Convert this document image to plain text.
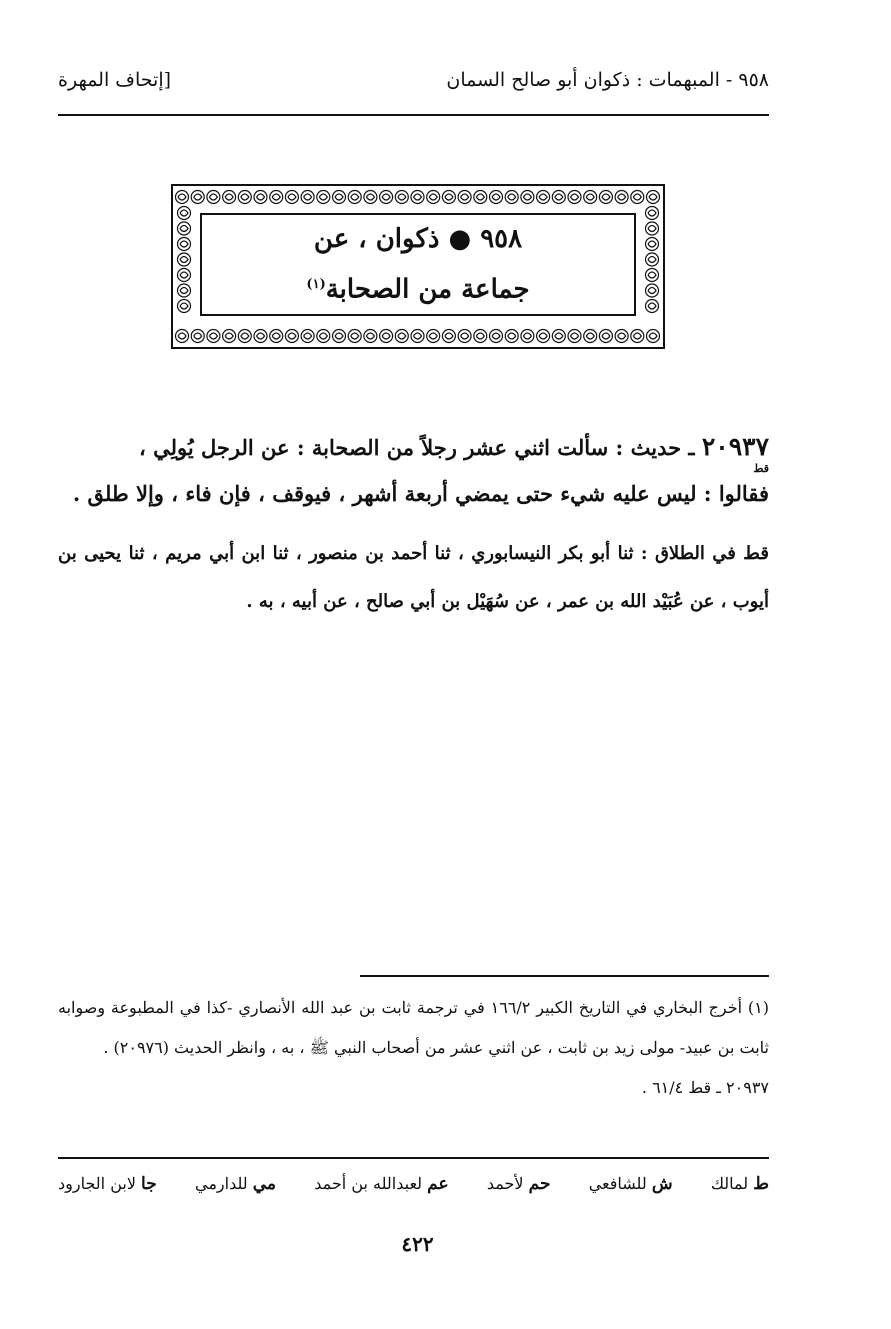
٩٥٨ - المبهمات : ذكوان أبو صالح السمان
[إتحاف المهرة
٩٥٨ ● ذكوان ، عن
جماعة من الصحابة$^{(١)}$
٢٠٩٣٧ ـ حديث : سألت اثني عشر رجلاً من الصحابة : عن الرجل يُولِي ،
فقالوا : ليس عليه شيء حتى يمضي أربعة أشهر ، فيوقف ، فإن فاء ، وإلا طلق .
قط

قط في الطلاق : ثنا أبو بكر النيسابوري ، ثنا أحمد بن منصور ، ثنا ابن أبي مريم ، ثنا يحيى بن أيوب ، عن عُبَيْد الله بن عمر ، عن سُهَيْل بن أبي صالح ، عن أبيه ، به .

(١) أخرج البخاري في التاريخ الكبير ١٦٦/٢ في ترجمة ثابت بن عبد الله الأنصاري -كذا في المطبوعة وصوابه ثابت بن عبيد- مولى زيد بن ثابت ، عن اثني عشر من أصحاب النبي ﷺ ، به ، وانظر الحديث (٢٠٩٧٦) .

٢٠٩٣٧ ـ قط ٦١/٤ .

ط لمالك
ش للشافعي
حم لأحمد
عم لعبدالله بن أحمد
مي للدارمي
جا لابن الجارود
٤٢٢
